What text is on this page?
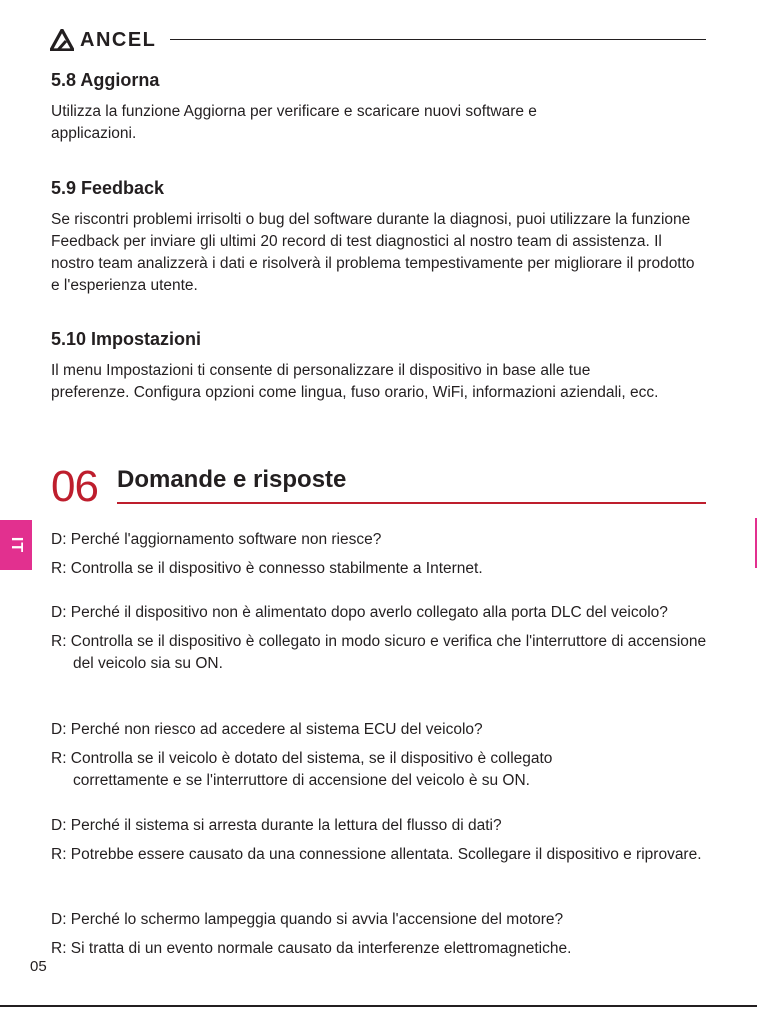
ANCEL
5.8 Aggiorna

Utilizza la funzione Aggiorna per verificare e scaricare nuovi software e applicazioni.

5.9 Feedback

Se riscontri problemi irrisolti o bug del software durante la diagnosi, puoi utilizzare la funzione Feedback per inviare gli ultimi 20 record di test diagnostici al nostro team di assistenza. Il nostro team analizzerà i dati e risolverà il problema tempestivamente per migliorare il prodotto e l'esperienza utente.

5.10 Impostazioni

Il menu Impostazioni ti consente di personalizzare il dispositivo in base alle tue preferenze. Configura opzioni come lingua, fuso orario, WiFi, informazioni aziendali, ecc.

06 Domande e risposte
D: Perché l'aggiornamento software non riesce?
R: Controlla se il dispositivo è connesso stabilmente a Internet.
D: Perché il dispositivo non è alimentato dopo averlo collegato alla porta DLC del veicolo?
R: Controlla se il dispositivo è collegato in modo sicuro e verifica che l'interruttore di accensione del veicolo sia su ON.
D: Perché non riesco ad accedere al sistema ECU del veicolo?
R: Controlla se il veicolo è dotato del sistema, se il dispositivo è collegato correttamente e se l'interruttore di accensione del veicolo è su ON.
D: Perché il sistema si arresta durante la lettura del flusso di dati?
R: Potrebbe essere causato da una connessione allentata. Scollegare il dispositivo e riprovare.
D: Perché lo schermo lampeggia quando si avvia l'accensione del motore?
R: Si tratta di un evento normale causato da interferenze elettromagnetiche.
IT
05
